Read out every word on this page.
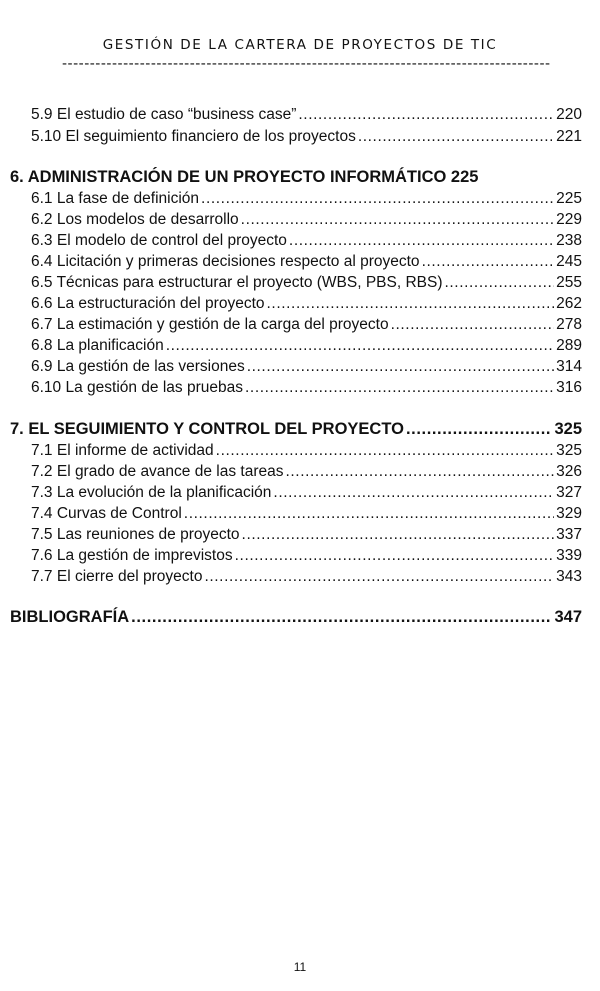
GESTIÓN DE LA CARTERA DE PROYECTOS DE TIC
----------------------------------------------------------------------------------------
5.9 El estudio de caso “business case” .....	220
5.10 El seguimiento financiero de los proyectos .....	221
6. ADMINISTRACIÓN DE UN PROYECTO INFORMÁTICO 225
6.1 La fase de definición .....	225
6.2 Los modelos de desarrollo .....	229
6.3 El modelo de control del proyecto .....	238
6.4 Licitación y primeras decisiones respecto al proyecto .....	245
6.5 Técnicas para estructurar el proyecto (WBS, PBS, RBS) .....	255
6.6 La estructuración del proyecto .....	262
6.7 La estimación y gestión de la carga del proyecto .....	278
6.8 La planificación .....	289
6.9 La gestión de las versiones .....	314
6.10 La gestión de las pruebas .....	316
7. EL SEGUIMIENTO Y CONTROL DEL PROYECTO .....	325
7.1 El informe de actividad .....	325
7.2 El grado de avance de las tareas .....	326
7.3 La evolución de la planificación .....	327
7.4 Curvas de Control .....	329
7.5 Las reuniones de proyecto .....	337
7.6 La gestión de imprevistos .....	339
7.7 El cierre del proyecto .....	343
BIBLIOGRAFÍA .....	347
11
